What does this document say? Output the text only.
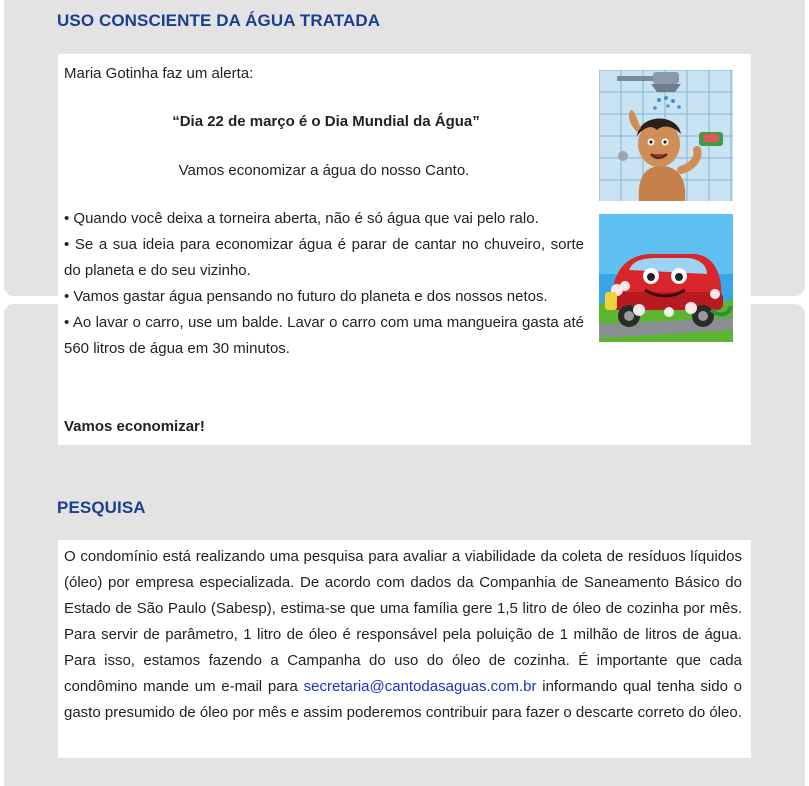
USO CONSCIENTE DA ÁGUA TRATADA

Maria Gotinha faz um alerta:

“Dia 22 de março é o Dia Mundial da Água”

Vamos economizar a água do nosso Canto.

• Quando você deixa a torneira aberta, não é só água que vai pelo ralo.
• Se a sua ideia para economizar água é parar de cantar no chuveiro, sorte do planeta e do seu vizinho.
• Vamos gastar água pensando no futuro do planeta e dos nossos netos.
• Ao lavar o carro, use um balde. Lavar o carro com uma mangueira gasta até 560 litros de água em 30 minutos.

Vamos economizar!

PESQUISA

O condomínio está realizando uma pesquisa para avaliar a viabilidade da coleta de resíduos líquidos (óleo) por empresa especializada. De acordo com dados da Companhia de Saneamento Básico do Estado de São Paulo (Sabesp), estima-se que uma família gere 1,5 litro de óleo de cozinha por mês. Para servir de parâmetro, 1 litro de óleo é responsável pela poluição de 1 milhão de litros de água. Para isso, estamos fazendo a Campanha do uso do óleo de cozinha. É importante que cada condômino mande um e-mail para secretaria@cantodasaguas.com.br informando qual tenha sido o gasto presumido de óleo por mês e assim poderemos contribuir para fazer o descarte correto do óleo.
